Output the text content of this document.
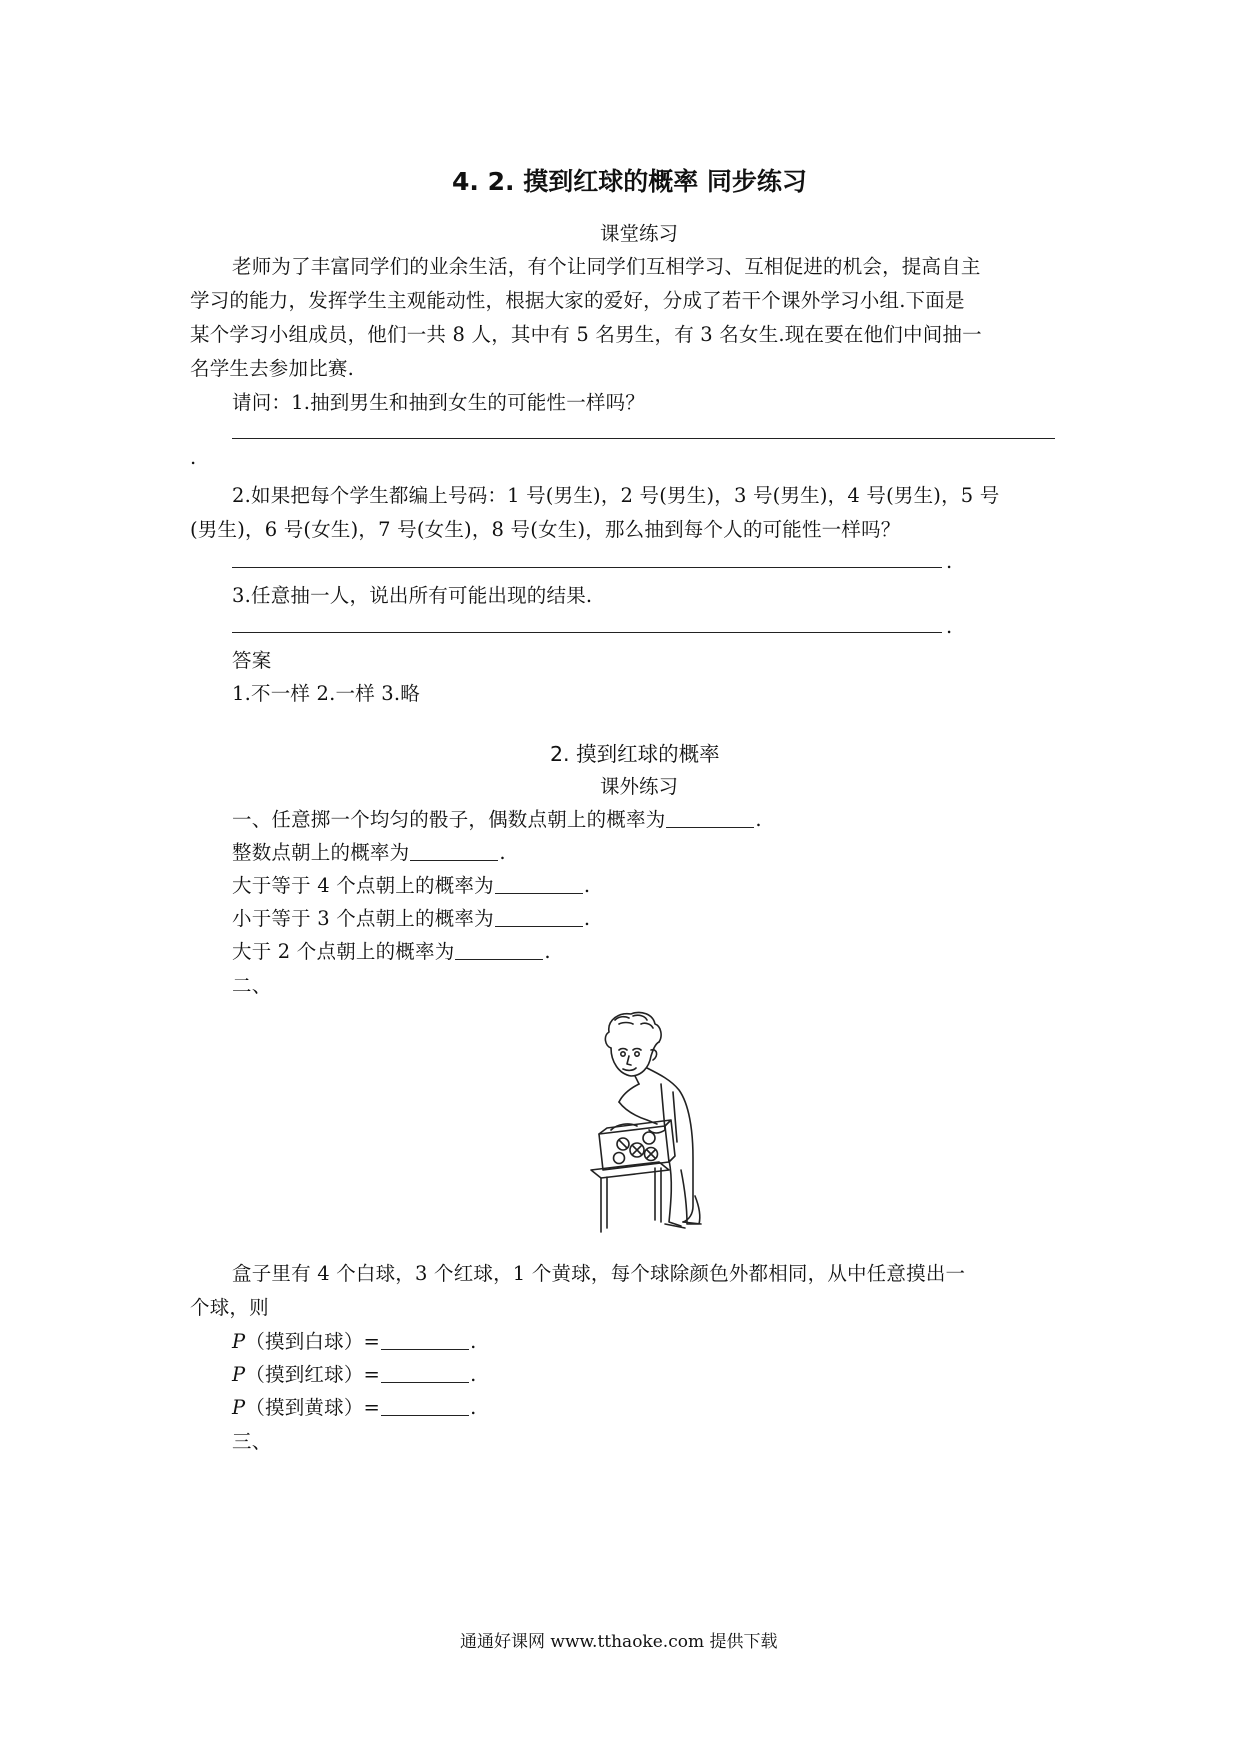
4. 2. 摸到红球的概率 同步练习
课堂练习
老师为了丰富同学们的业余生活，有个让同学们互相学习、互相促进的机会，提高自主
学习的能力，发挥学生主观能动性，根据大家的爱好，分成了若干个课外学习小组.下面是
某个学习小组成员，他们一共 8 人，其中有 5 名男生，有 3 名女生.现在要在他们中间抽一
名学生去参加比赛.
请问：1.抽到男生和抽到女生的可能性一样吗？
.
2.如果把每个学生都编上号码：1 号(男生)，2 号(男生)，3 号(男生)，4 号(男生)，5 号
(男生)，6 号(女生)，7 号(女生)，8 号(女生)，那么抽到每个人的可能性一样吗？
.
3.任意抽一人，说出所有可能出现的结果.
.
答案
1.不一样 2.一样 3.略
2. 摸到红球的概率
课外练习
一、任意掷一个均匀的骰子，偶数点朝上的概率为	.
整数点朝上的概率为	.
大于等于 4 个点朝上的概率为	.
小于等于 3 个点朝上的概率为	.
大于 2 个点朝上的概率为	.
二、
盒子里有 4 个白球，3 个红球，1 个黄球，每个球除颜色外都相同，从中任意摸出一
个球，则
P（摸到白球）=	.
P（摸到红球）=	.
P（摸到黄球）=	.
三、
通通好课网 www.tthaoke.com 提供下载
